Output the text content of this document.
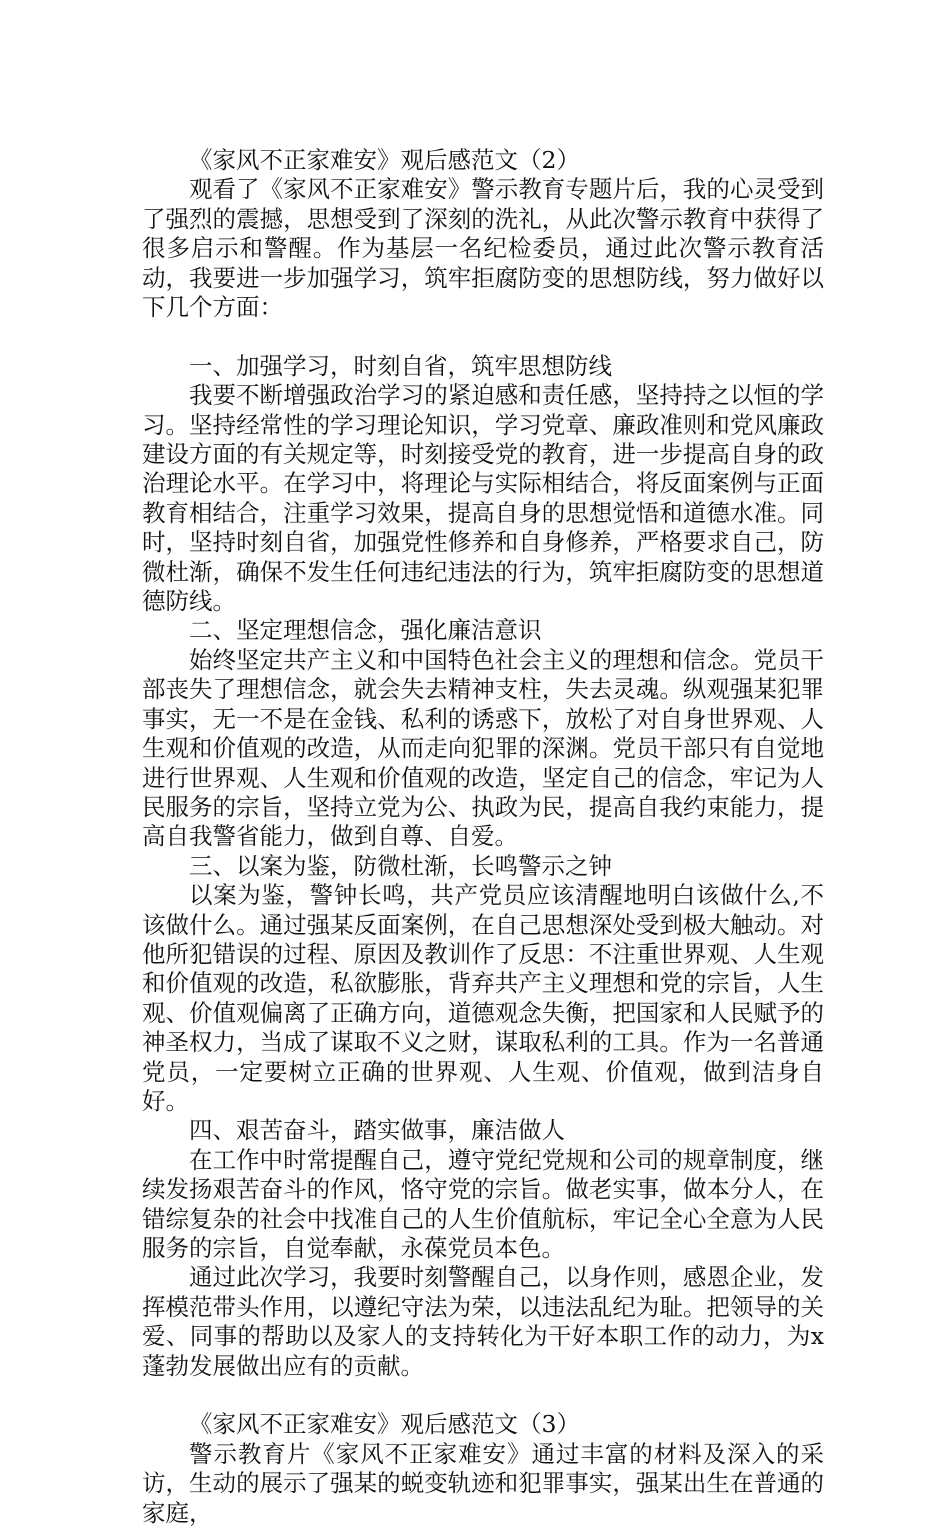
《家风不正家难安》观后感范文（2）

观看了《家风不正家难安》警示教育专题片后，我的心灵受到了强烈的震撼，思想受到了深刻的洗礼，从此次警示教育中获得了很多启示和警醒。作为基层一名纪检委员，通过此次警示教育活动，我要进一步加强学习，筑牢拒腐防变的思想防线，努力做好以下几个方面：

一、加强学习，时刻自省，筑牢思想防线

我要不断增强政治学习的紧迫感和责任感，坚持持之以恒的学习。坚持经常性的学习理论知识，学习党章、廉政准则和党风廉政建设方面的有关规定等，时刻接受党的教育，进一步提高自身的政治理论水平。在学习中，将理论与实际相结合，将反面案例与正面教育相结合，注重学习效果，提高自身的思想觉悟和道德水准。同时，坚持时刻自省，加强党性修养和自身修养，严格要求自己，防微杜渐，确保不发生任何违纪违法的行为，筑牢拒腐防变的思想道德防线。

二、坚定理想信念，强化廉洁意识

始终坚定共产主义和中国特色社会主义的理想和信念。党员干部丧失了理想信念，就会失去精神支柱，失去灵魂。纵观强某犯罪事实，无一不是在金钱、私利的诱惑下，放松了对自身世界观、人生观和价值观的改造，从而走向犯罪的深渊。党员干部只有自觉地进行世界观、人生观和价值观的改造，坚定自己的信念，牢记为人民服务的宗旨，坚持立党为公、执政为民，提高自我约束能力，提高自我警省能力，做到自尊、自爱。

三、以案为鉴，防微杜渐，长鸣警示之钟

以案为鉴，警钟长鸣，共产党员应该清醒地明白该做什么,不该做什么。通过强某反面案例，在自己思想深处受到极大触动。对他所犯错误的过程、原因及教训作了反思：不注重世界观、人生观和价值观的改造，私欲膨胀，背弃共产主义理想和党的宗旨，人生观、价值观偏离了正确方向，道德观念失衡，把国家和人民赋予的神圣权力，当成了谋取不义之财，谋取私利的工具。作为一名普通党员，一定要树立正确的世界观、人生观、价值观，做到洁身自好。

四、艰苦奋斗，踏实做事，廉洁做人

在工作中时常提醒自己，遵守党纪党规和公司的规章制度，继续发扬艰苦奋斗的作风，恪守党的宗旨。做老实事，做本分人，在错综复杂的社会中找准自己的人生价值航标，牢记全心全意为人民服务的宗旨，自觉奉献，永葆党员本色。

通过此次学习，我要时刻警醒自己，以身作则，感恩企业，发挥模范带头作用，以遵纪守法为荣，以违法乱纪为耻。把领导的关爱、同事的帮助以及家人的支持转化为干好本职工作的动力，为x蓬勃发展做出应有的贡献。

《家风不正家难安》观后感范文（3）

警示教育片《家风不正家难安》通过丰富的材料及深入的采访，生动的展示了强某的蜕变轨迹和犯罪事实，强某出生在普通的家庭，
